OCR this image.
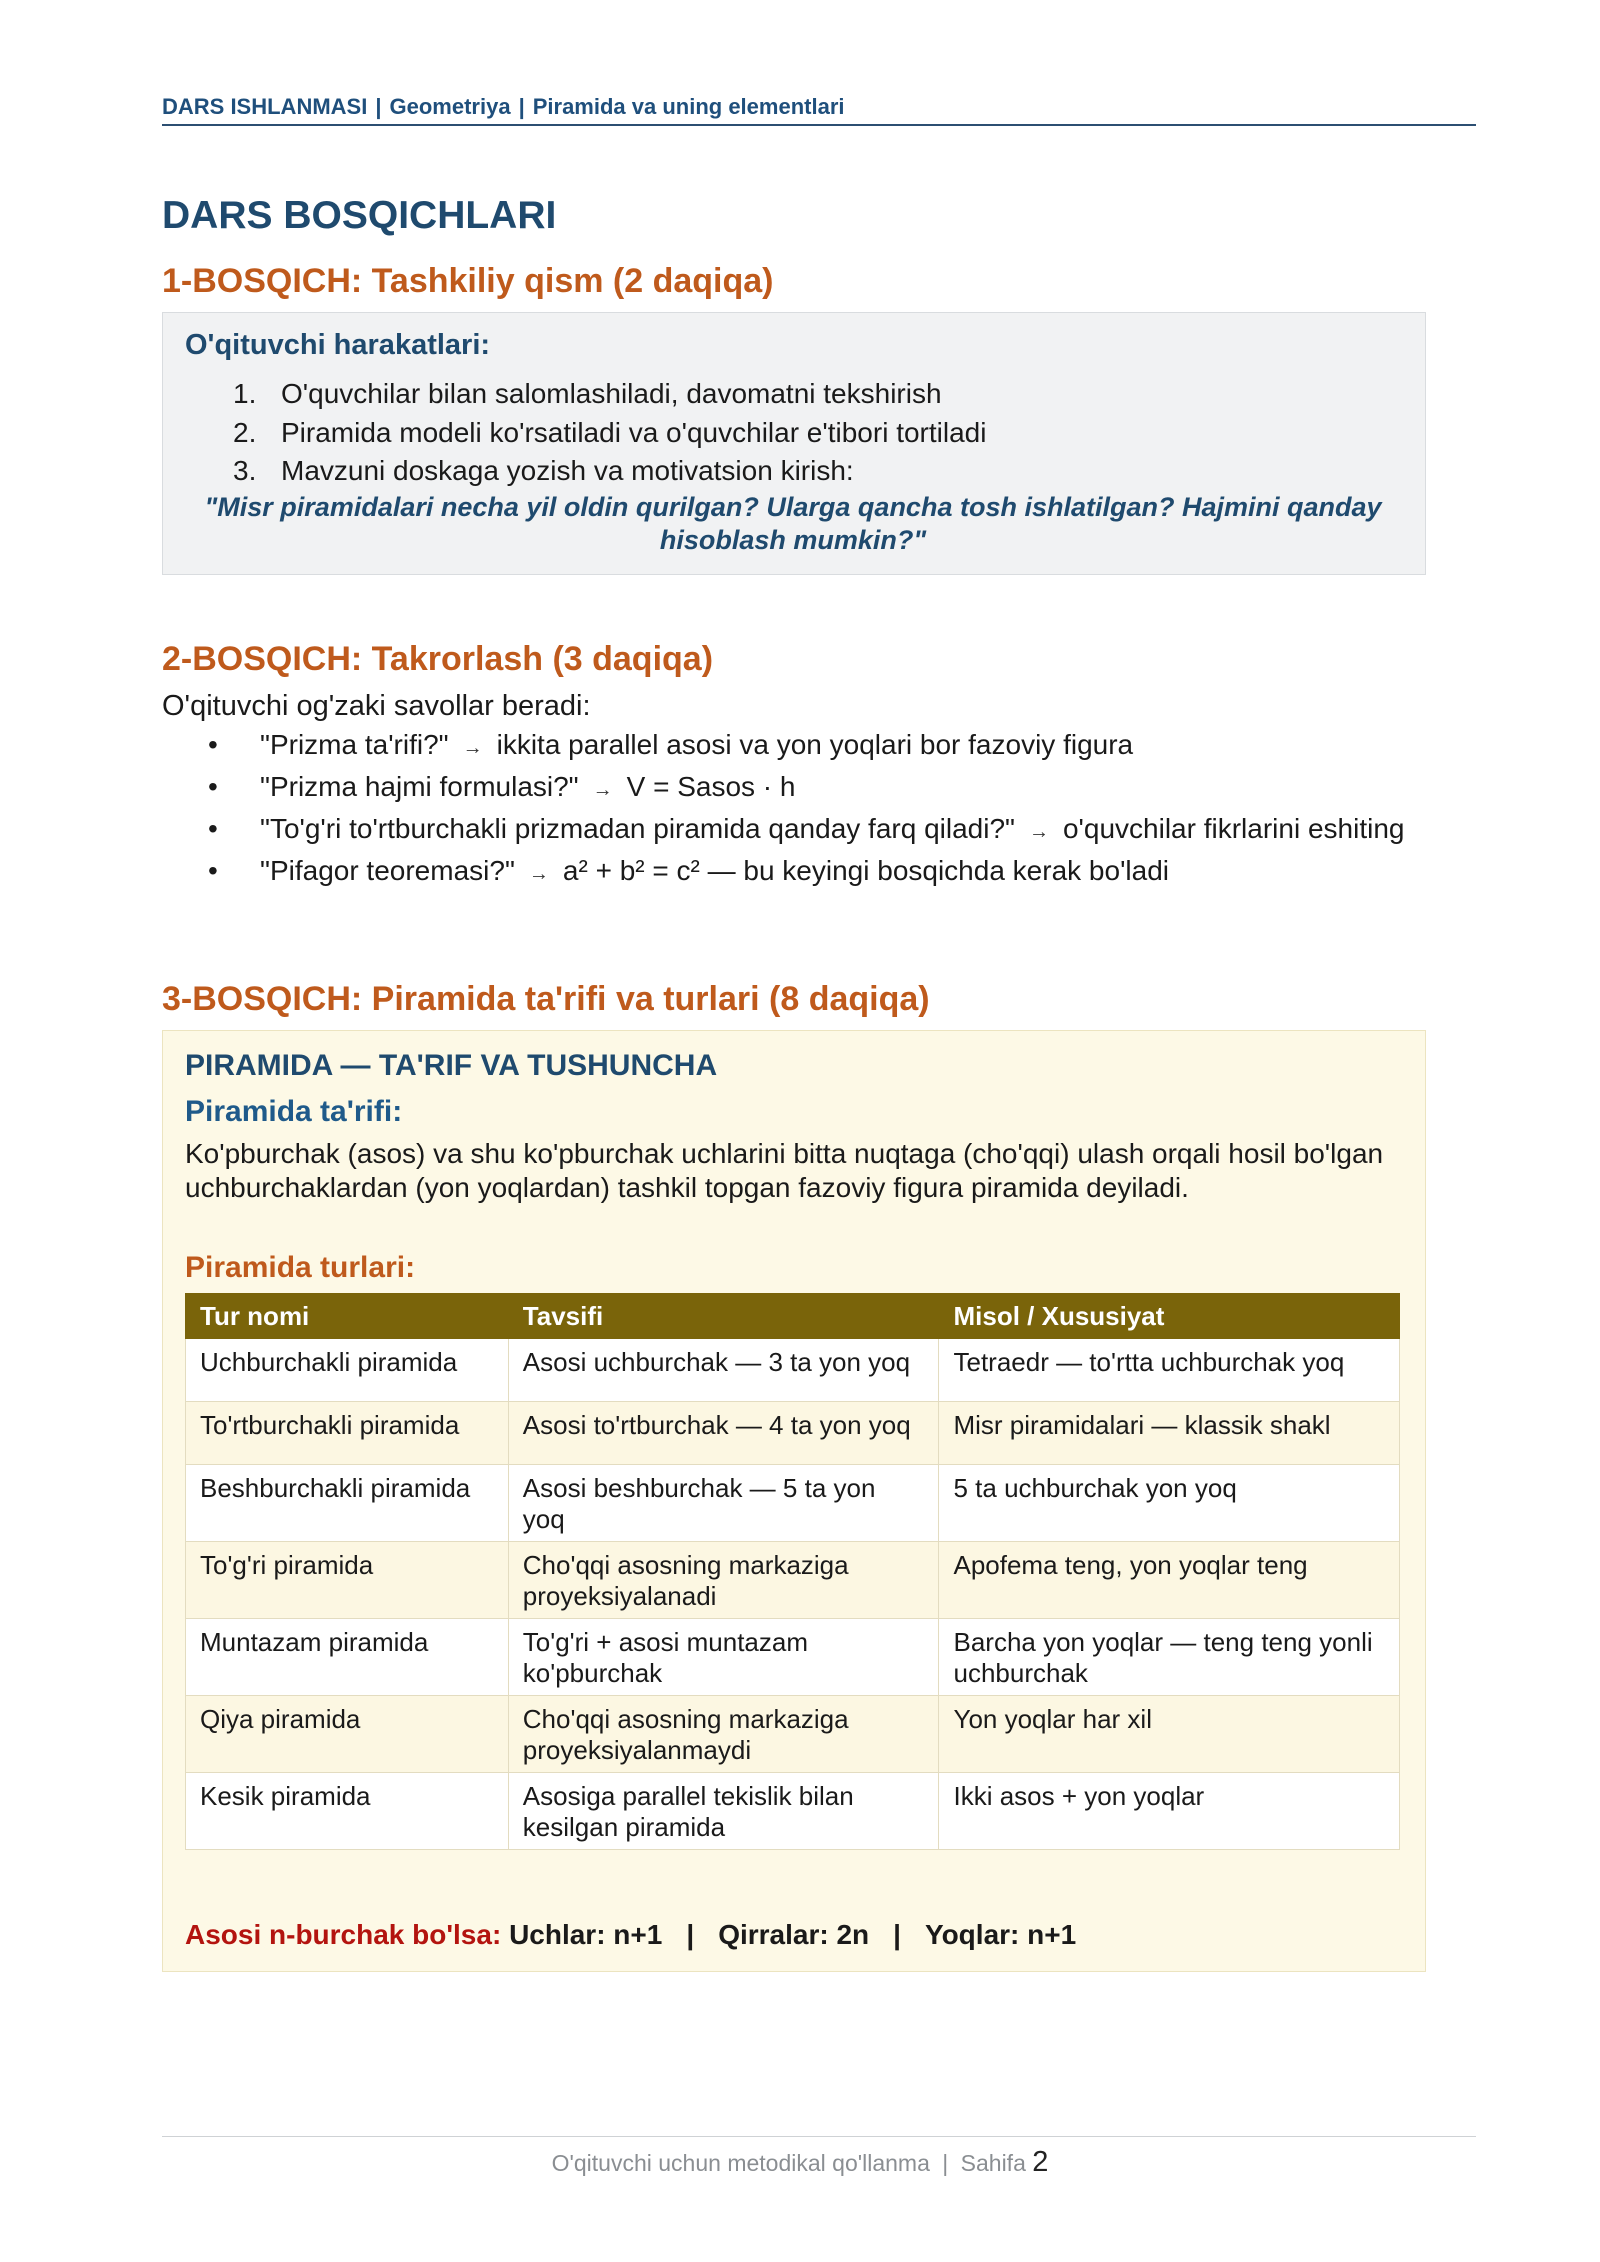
DARS ISHLANMASI | Geometriya | Piramida va uning elementlari
DARS BOSQICHLARI
1-BOSQICH: Tashkiliy qism (2 daqiqa)
O'qituvchi harakatlari:
1. O'quvchilar bilan salomlashiladi, davomatni tekshirish
2. Piramida modeli ko'rsatiladi va o'quvchilar e'tibori tortiladi
3. Mavzuni doskaga yozish va motivatsion kirish:
"Misr piramidalari necha yil oldin qurilgan? Ularga qancha tosh ishlatilgan? Hajmini qanday hisoblash mumkin?"
2-BOSQICH: Takrorlash (3 daqiqa)
O'qituvchi og'zaki savollar beradi:
• "Prizma ta'rifi?" → ikkita parallel asosi va yon yoqlari bor fazoviy figura
• "Prizma hajmi formulasi?" → V = Sasos · h
• "To'g'ri to'rtburchakli prizmadan piramida qanday farq qiladi?" → o'quvchilar fikrlarini eshiting
• "Pifagor teoremasi?" → a² + b² = c² — bu keyingi bosqichda kerak bo'ladi
3-BOSQICH: Piramida ta'rifi va turlari (8 daqiqa)
PIRAMIDA — TA'RIF VA TUSHUNCHA
Piramida ta'rifi:
Ko'pburchak (asos) va shu ko'pburchak uchlarini bitta nuqtaga (cho'qqi) ulash orqali hosil bo'lgan uchburchaklardan (yon yoqlardan) tashkil topgan fazoviy figura piramida deyiladi.
Piramida turlari:
Tur nomi	Tavsifi	Misol / Xususiyat
Uchburchakli piramida	Asosi uchburchak — 3 ta yon yoq	Tetraedr — to'rtta uchburchak yoq
To'rtburchakli piramida	Asosi to'rtburchak — 4 ta yon yoq	Misr piramidalari — klassik shakl
Beshburchakli piramida	Asosi beshburchak — 5 ta yon yoq	5 ta uchburchak yon yoq
To'g'ri piramida	Cho'qqi asosning markaziga proyeksiyalanadi	Apofema teng, yon yoqlar teng
Muntazam piramida	To'g'ri + asosi muntazam ko'pburchak	Barcha yon yoqlar — teng teng yonli uchburchak
Qiya piramida	Cho'qqi asosning markaziga proyeksiyalanmaydi	Yon yoqlar har xil
Kesik piramida	Asosiga parallel tekislik bilan kesilgan piramida	Ikki asos + yon yoqlar
Asosi n-burchak bo'lsa: Uchlar: n+1 | Qirralar: 2n | Yoqlar: n+1
O'qituvchi uchun metodikal qo'llanma | Sahifa 2
